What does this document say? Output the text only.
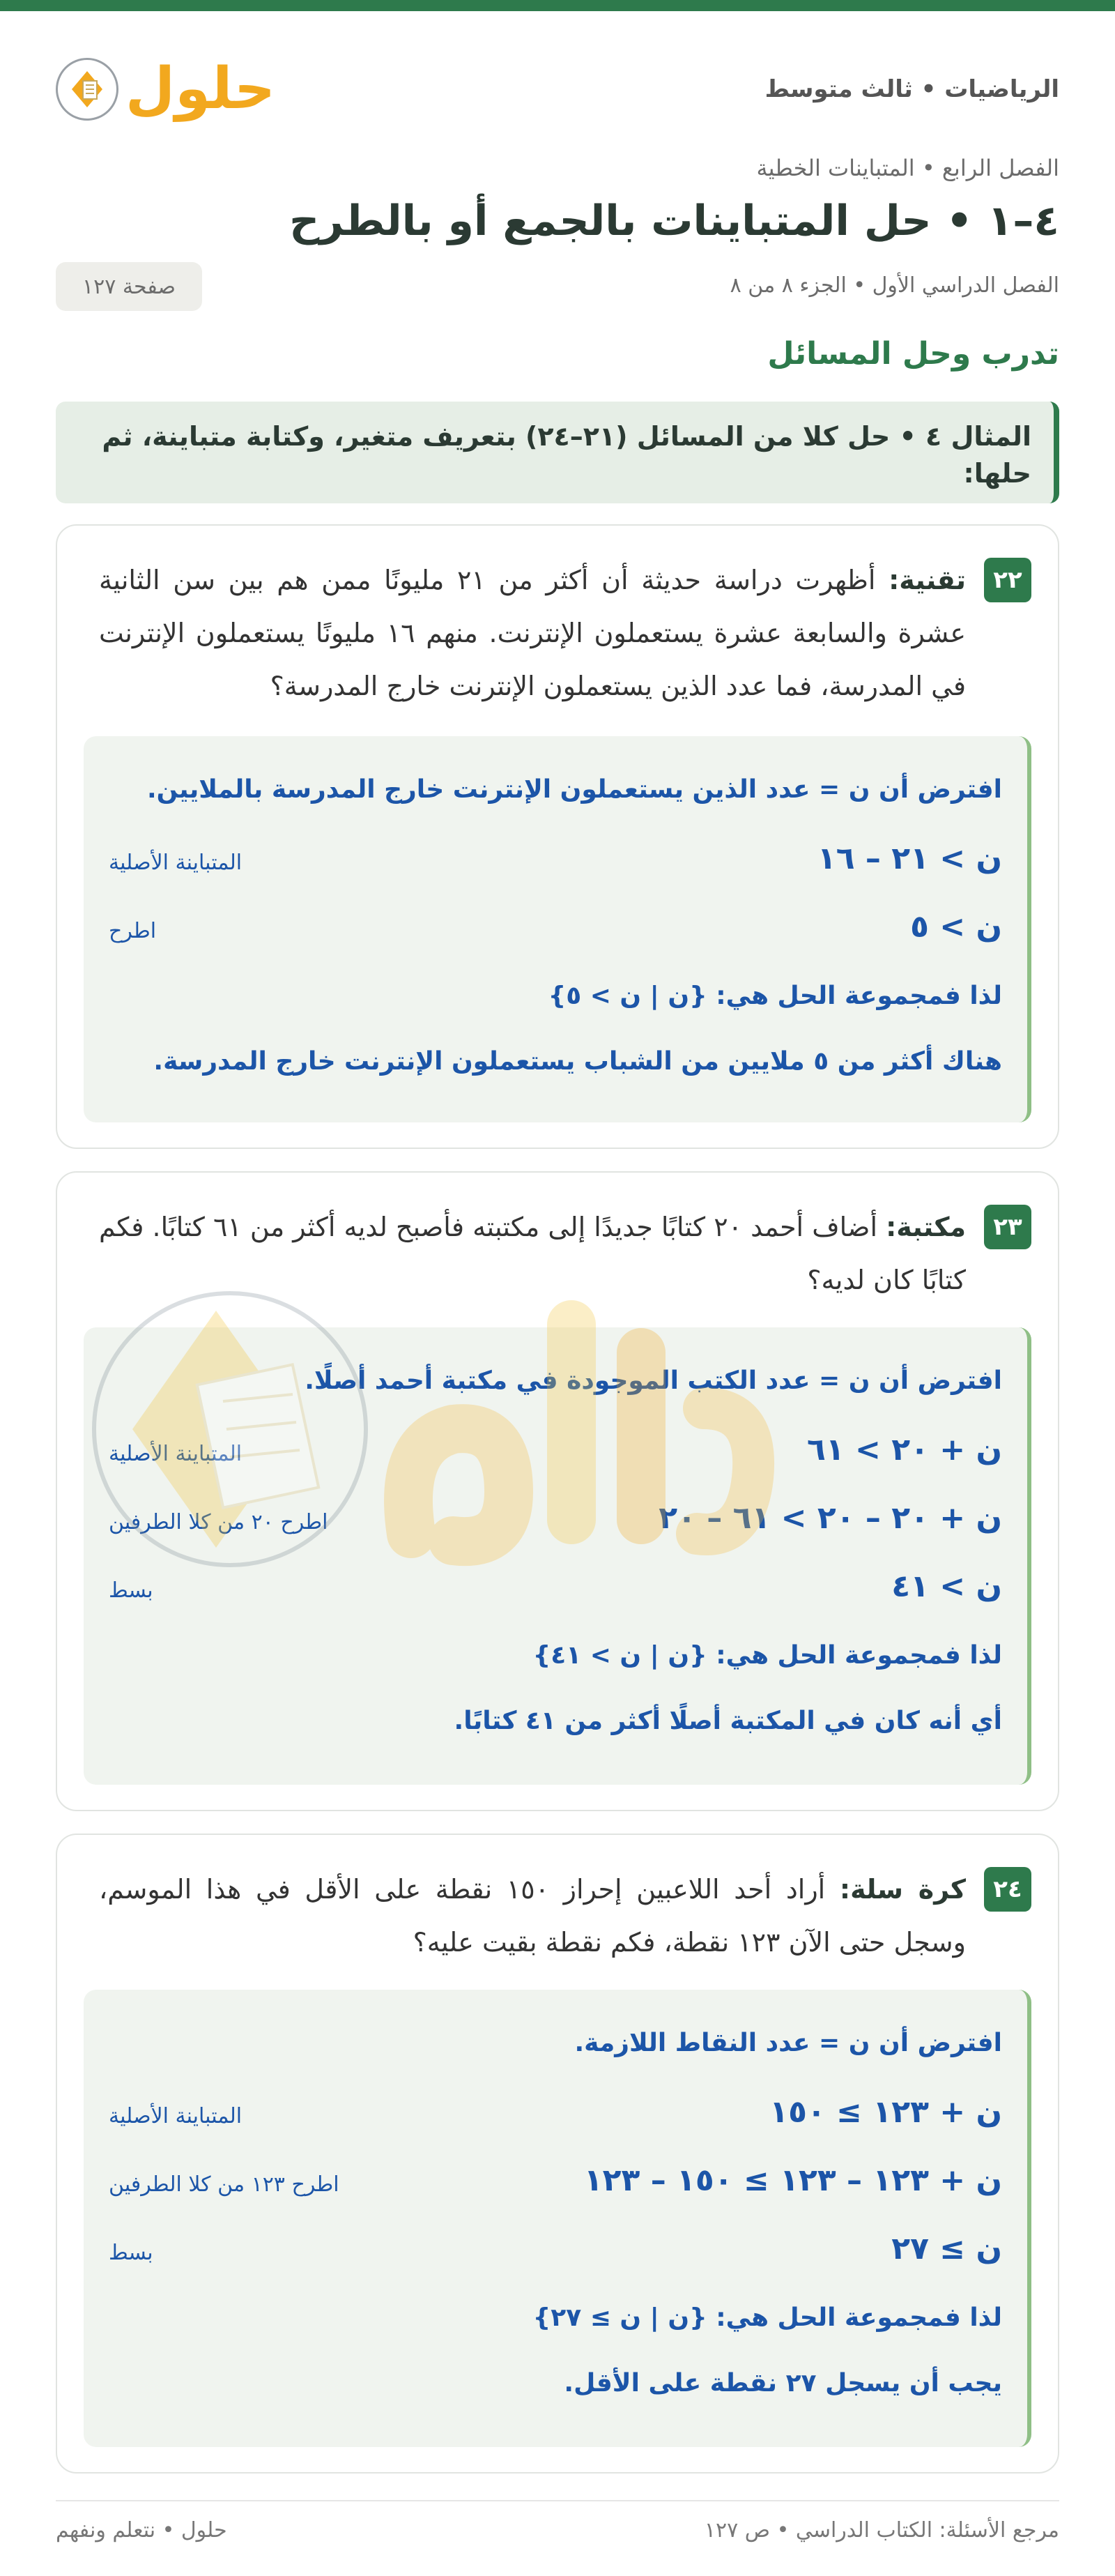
الرياضيات • ثالث متوسط
حلول
الفصل الرابع • المتباينات الخطية
٤–١ • حل المتباينات بالجمع أو بالطرح
الفصل الدراسي الأول • الجزء ٨ من ٨
صفحة ١٢٧
تدرب وحل المسائل
المثال ٤ • حل كلا من المسائل (٢١–٢٤) بتعريف متغير، وكتابة متباينة، ثم حلها:
٢٢
تقنية: أظهرت دراسة حديثة أن أكثر من ٢١ مليونًا ممن هم بين سن الثانية عشرة والسابعة عشرة يستعملون الإنترنت. منهم ١٦ مليونًا يستعملون الإنترنت في المدرسة، فما عدد الذين يستعملون الإنترنت خارج المدرسة؟
افترض أن ن = عدد الذين يستعملون الإنترنت خارج المدرسة بالملايين.
ن > ٢١ – ١٦
المتباينة الأصلية
ن > ٥
اطرح
لذا فمجموعة الحل هي: {ن | ن > ٥}
هناك أكثر من ٥ ملايين من الشباب يستعملون الإنترنت خارج المدرسة.
٢٣
مكتبة: أضاف أحمد ٢٠ كتابًا جديدًا إلى مكتبته فأصبح لديه أكثر من ٦١ كتابًا. فكم كتابًا كان لديه؟
افترض أن ن = عدد الكتب الموجودة في مكتبة أحمد أصلًا.
ن + ٢٠ > ٦١
المتباينة الأصلية
ن + ٢٠ – ٢٠ > ٦١ – ٢٠
اطرح ٢٠ من كلا الطرفين
ن > ٤١
بسط
لذا فمجموعة الحل هي: {ن | ن > ٤١}
أي أنه كان في المكتبة أصلًا أكثر من ٤١ كتابًا.
٢٤
كرة سلة: أراد أحد اللاعبين إحراز ١٥٠ نقطة على الأقل في هذا الموسم، وسجل حتى الآن ١٢٣ نقطة، فكم نقطة بقيت عليه؟
افترض أن ن = عدد النقاط اللازمة.
ن + ١٢٣ ≥ ١٥٠
المتباينة الأصلية
ن + ١٢٣ – ١٢٣ ≥ ١٥٠ – ١٢٣
اطرح ١٢٣ من كلا الطرفين
ن ≥ ٢٧
بسط
لذا فمجموعة الحل هي: {ن | ن ≥ ٢٧}
يجب أن يسجل ٢٧ نقطة على الأقل.
مرجع الأسئلة: الكتاب الدراسي • ص ١٢٧
حلول • نتعلم ونفهم
